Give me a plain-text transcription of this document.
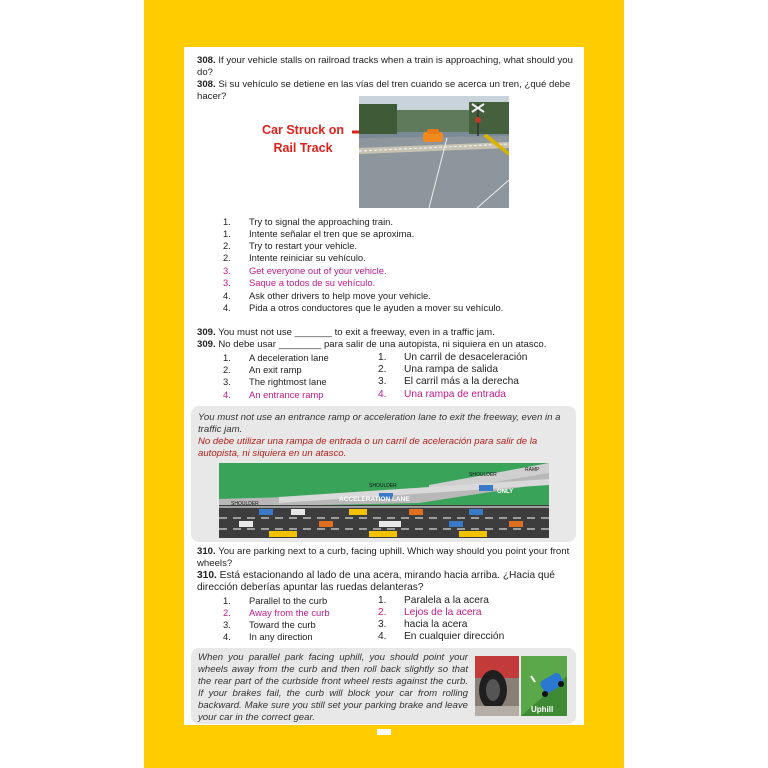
308. If your vehicle stalls on railroad tracks when a train is approaching, what should you do?
308. Si su vehículo se detiene en las vías del tren cuando se acerca un tren, ¿qué debe hacer?
Car Struck on
Rail Track
1. Try to signal the approaching train.
1. Intente señalar el tren que se aproxima.
2. Try to restart your vehicle.
2. Intente reiniciar su vehículo.
3. Get everyone out of your vehicle.
3. Saque a todos de su vehículo.
4. Ask other drivers to help move your vehicle.
4. Pida a otros conductores que le ayuden a mover su vehículo.
309. You must not use _______ to exit a freeway, even in a traffic jam.
309. No debe usar ________ para salir de una autopista, ni siquiera en un atasco.
1. A deceleration lane
2. An exit ramp
3. The rightmost lane
4. An entrance ramp
1. Un carril de desaceleración
2. Una rampa de salida
3. El carril más a la derecha
4. Una rampa de entrada
You must not use an entrance ramp or acceleration lane to exit the freeway, even in a traffic jam.
No debe utilizar una rampa de entrada o un carril de aceleración para salir de la autopista, ni siquiera en un atasco.
SHOULDER
SHOULDER
SHOULDER
ACCELERATION LANE
ONLY
RAMP
310. You are parking next to a curb, facing uphill. Which way should you point your front wheels?
310. Está estacionando al lado de una acera, mirando hacia arriba. ¿Hacia qué dirección deberías apuntar las ruedas delanteras?
1. Parallel to the curb
2. Away from the curb
3. Toward the curb
4. In any direction
1. Paralela a la acera
2. Lejos de la acera
3. hacia la acera
4. En cualquier dirección
When you parallel park facing uphill, you should point your wheels away from the curb and then roll back slightly so that the rear part of the curbside front wheel rests against the curb. If your brakes fail, the curb will block your car from rolling backward. Make sure you still set your parking brake and leave your car in the correct gear.
Uphill
